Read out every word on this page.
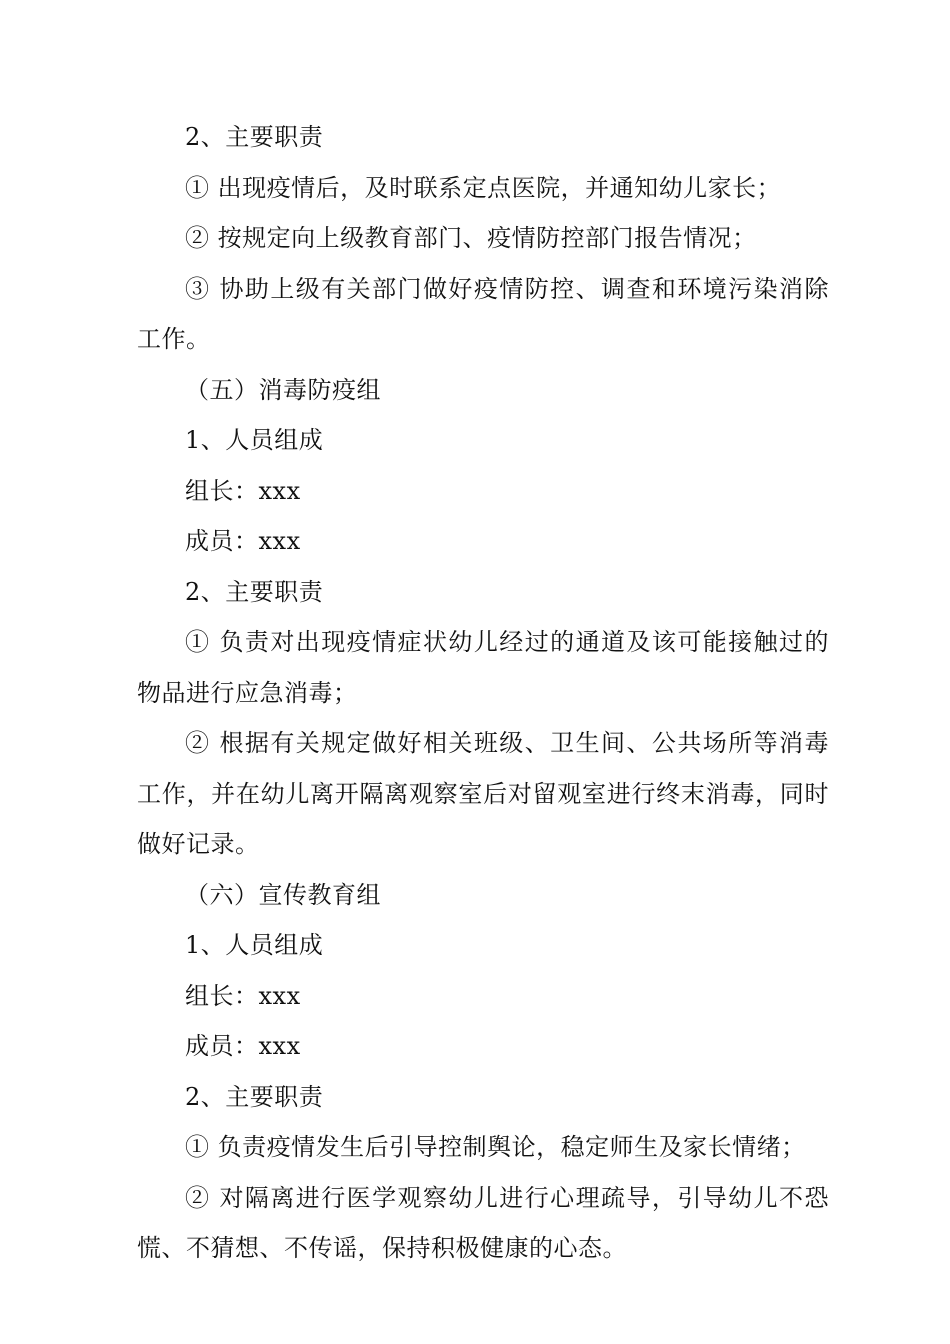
2、主要职责

① 出现疫情后，及时联系定点医院，并通知幼儿家长；

② 按规定向上级教育部门、疫情防控部门报告情况；

③ 协助上级有关部门做好疫情防控、调查和环境污染消除工作。

（五）消毒防疫组

1、人员组成

组长：xxx

成员：xxx

2、主要职责

① 负责对出现疫情症状幼儿经过的通道及该可能接触过的物品进行应急消毒；

② 根据有关规定做好相关班级、卫生间、公共场所等消毒工作，并在幼儿离开隔离观察室后对留观室进行终末消毒，同时做好记录。

（六）宣传教育组

1、人员组成

组长：xxx

成员：xxx

2、主要职责

① 负责疫情发生后引导控制舆论，稳定师生及家长情绪；

② 对隔离进行医学观察幼儿进行心理疏导，引导幼儿不恐慌、不猜想、不传谣，保持积极健康的心态。
